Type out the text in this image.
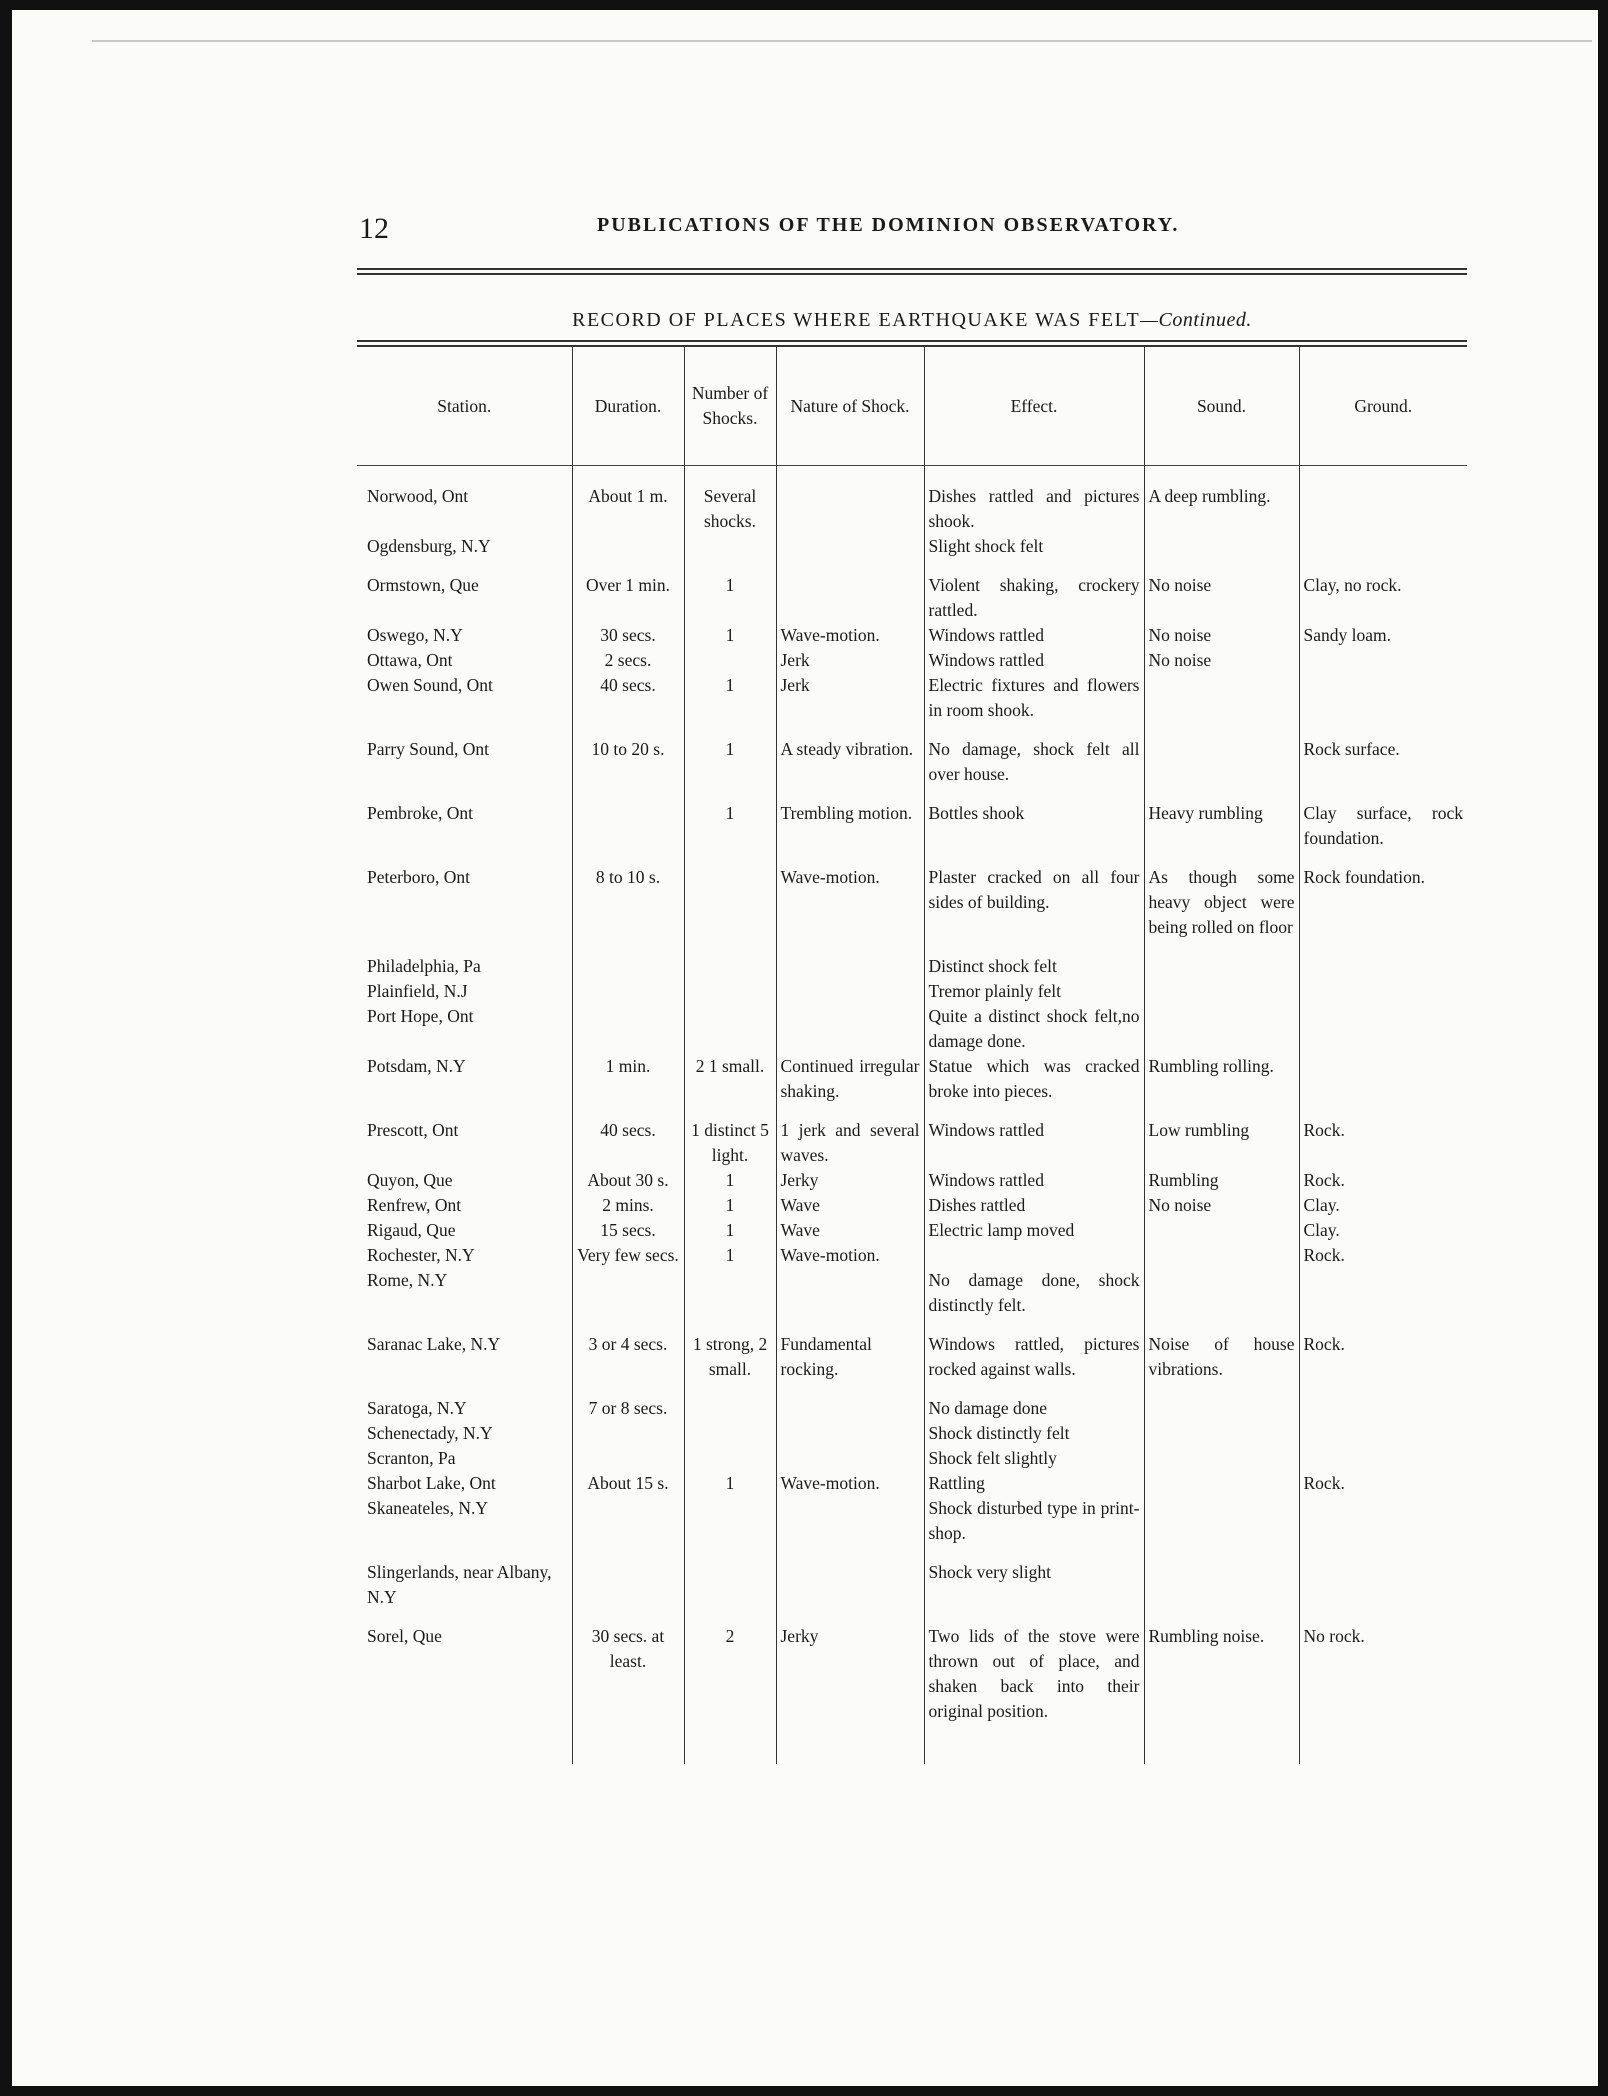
12	PUBLICATIONS OF THE DOMINION OBSERVATORY.
RECORD OF PLACES WHERE EARTHQUAKE WAS FELT—Continued.

Station.	Duration.	Number of Shocks.	Nature of Shock.	Effect.	Sound.	Ground.
Norwood, Ont	About 1 m.	Several shocks.		Dishes rattled and pictures shook.	A deep rumbling.	
Ogdensburg, N.Y				Slight shock felt		

Ormstown, Que	Over 1 min.	1		Violent shaking, crockery rattled.	No noise	Clay, no rock.
Oswego, N.Y	30 secs.	1	Wave-motion.	Windows rattled	No noise	Sandy loam.
Ottawa, Ont	2 secs.		Jerk	Windows rattled	No noise	
Owen Sound, Ont	40 secs.	1	Jerk	Electric fixtures and flowers in room shook.		

Parry Sound, Ont	10 to 20 s.	1	A steady vibration.	No damage, shock felt all over house.		Rock surface.

Pembroke, Ont		1	Trembling motion.	Bottles shook	Heavy rumbling	Clay surface, rock foundation.

Peterboro, Ont	8 to 10 s.		Wave-motion.	Plaster cracked on all four sides of building.	As though some heavy object were being rolled on floor	Rock foundation.

Philadelphia, Pa				Distinct shock felt		
Plainfield, N.J				Tremor plainly felt		
Port Hope, Ont				Quite a distinct shock felt,no damage done.		
Potsdam, N.Y	1 min.	2 1 small.	Continued irregular shaking.	Statue which was cracked broke into pieces.	Rumbling rolling.	

Prescott, Ont	40 secs.	1 distinct 5 light.	1 jerk and several waves.	Windows rattled	Low rumbling	Rock.
Quyon, Que	About 30 s.	1	Jerky	Windows rattled	Rumbling	Rock.
Renfrew, Ont	2 mins.	1	Wave	Dishes rattled	No noise	Clay.
Rigaud, Que	15 secs.	1	Wave	Electric lamp moved		Clay.
Rochester, N.Y	Very few secs.	1	Wave-motion.			Rock.
Rome, N.Y				No damage done, shock distinctly felt.		

Saranac Lake, N.Y	3 or 4 secs.	1 strong, 2 small.	Fundamental rocking.	Windows rattled, pictures rocked against walls.	Noise of house vibrations.	Rock.

Saratoga, N.Y	7 or 8 secs.			No damage done		
Schenectady, N.Y				Shock distinctly felt		
Scranton, Pa				Shock felt slightly		
Sharbot Lake, Ont	About 15 s.	1	Wave-motion.	Rattling		Rock.
Skaneateles, N.Y				Shock disturbed type in print-shop.		

Slingerlands, near Albany, N.Y				Shock very slight		

Sorel, Que	30 secs. at least.	2	Jerky	Two lids of the stove were thrown out of place, and shaken back into their original position.	Rumbling noise.	No rock.
